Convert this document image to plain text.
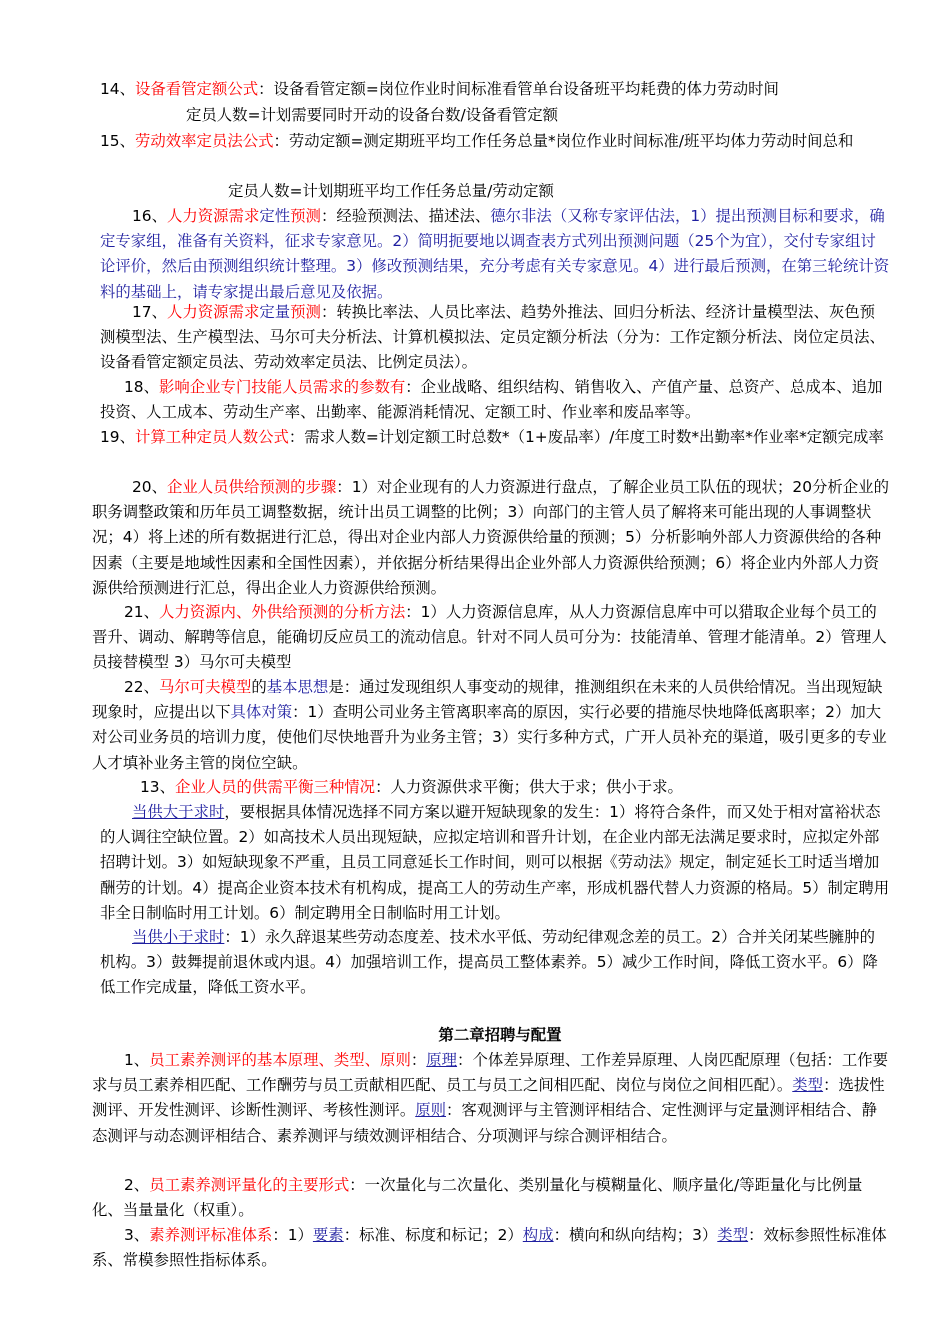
14、设备看管定额公式：设备看管定额=岗位作业时间标准看管单台设备班平均耗费的体力劳动时间
定员人数=计划需要同时开动的设备台数/设备看管定额
15、劳动效率定员法公式：劳动定额=测定期班平均工作任务总量*岗位作业时间标准/班平均体力劳动时间总和
定员人数=计划期班平均工作任务总量/劳动定额
16、人力资源需求定性预测：经验预测法、描述法、德尔非法（又称专家评估法，1）提出预测目标和要求，确定专家组，准备有关资料，征求专家意见。2）简明扼要地以调查表方式列出预测问题（25个为宜），交付专家组讨论评价，然后由预测组织统计整理。3）修改预测结果，充分考虑有关专家意见。4）进行最后预测，在第三轮统计资料的基础上，请专家提出最后意见及依据。
17、人力资源需求定量预测：转换比率法、人员比率法、趋势外推法、回归分析法、经济计量模型法、灰色预测模型法、生产模型法、马尔可夫分析法、计算机模拟法、定员定额分析法（分为：工作定额分析法、岗位定员法、设备看管定额定员法、劳动效率定员法、比例定员法）。
18、影响企业专门技能人员需求的参数有：企业战略、组织结构、销售收入、产值产量、总资产、总成本、追加投资、人工成本、劳动生产率、出勤率、能源消耗情况、定额工时、作业率和废品率等。
19、计算工种定员人数公式：需求人数=计划定额工时总数*（1+废品率）/年度工时数*出勤率*作业率*定额完成率
20、企业人员供给预测的步骤：1）对企业现有的人力资源进行盘点，了解企业员工队伍的现状；20分析企业的职务调整政策和历年员工调整数据，统计出员工调整的比例；3）向部门的主管人员了解将来可能出现的人事调整状况；4）将上述的所有数据进行汇总，得出对企业内部人力资源供给量的预测；5）分析影响外部人力资源供给的各种因素（主要是地域性因素和全国性因素），并依据分析结果得出企业外部人力资源供给预测；6）将企业内外部人力资源供给预测进行汇总，得出企业人力资源供给预测。
21、人力资源内、外供给预测的分析方法：1）人力资源信息库，从人力资源信息库中可以猎取企业每个员工的晋升、调动、解聘等信息，能确切反应员工的流动信息。针对不同人员可分为：技能清单、管理才能清单。2）管理人员接替模型 3）马尔可夫模型
22、马尔可夫模型的基本思想是：通过发现组织人事变动的规律，推测组织在未来的人员供给情况。当出现短缺现象时，应提出以下具体对策：1）查明公司业务主管离职率高的原因，实行必要的措施尽快地降低离职率；2）加大对公司业务员的培训力度，使他们尽快地晋升为业务主管；3）实行多种方式，广开人员补充的渠道，吸引更多的专业人才填补业务主管的岗位空缺。
13、企业人员的供需平衡三种情况：人力资源供求平衡；供大于求；供小于求。
当供大于求时，要根据具体情况选择不同方案以避开短缺现象的发生：1）将符合条件，而又处于相对富裕状态的人调往空缺位置。2）如高技术人员出现短缺，应拟定培训和晋升计划，在企业内部无法满足要求时，应拟定外部招聘计划。3）如短缺现象不严重，且员工同意延长工作时间，则可以根据《劳动法》规定，制定延长工时适当增加酬劳的计划。4）提高企业资本技术有机构成，提高工人的劳动生产率，形成机器代替人力资源的格局。5）制定聘用非全日制临时用工计划。6）制定聘用全日制临时用工计划。
当供小于求时：1）永久辞退某些劳动态度差、技术水平低、劳动纪律观念差的员工。2）合并关闭某些臃肿的机构。3）鼓舞提前退休或内退。4）加强培训工作，提高员工整体素养。5）减少工作时间，降低工资水平。6）降低工作完成量，降低工资水平。
第二章招聘与配置
1、员工素养测评的基本原理、类型、原则：原理：个体差异原理、工作差异原理、人岗匹配原理（包括：工作要求与员工素养相匹配、工作酬劳与员工贡献相匹配、员工与员工之间相匹配、岗位与岗位之间相匹配）。类型：选拔性测评、开发性测评、诊断性测评、考核性测评。原则：客观测评与主管测评相结合、定性测评与定量测评相结合、静态测评与动态测评相结合、素养测评与绩效测评相结合、分项测评与综合测评相结合。
2、员工素养测评量化的主要形式：一次量化与二次量化、类别量化与模糊量化、顺序量化/等距量化与比例量化、当量量化（权重）。
3、素养测评标准体系：1）要素：标准、标度和标记；2）构成：横向和纵向结构；3）类型：效标参照性标准体系、常模参照性指标体系。
